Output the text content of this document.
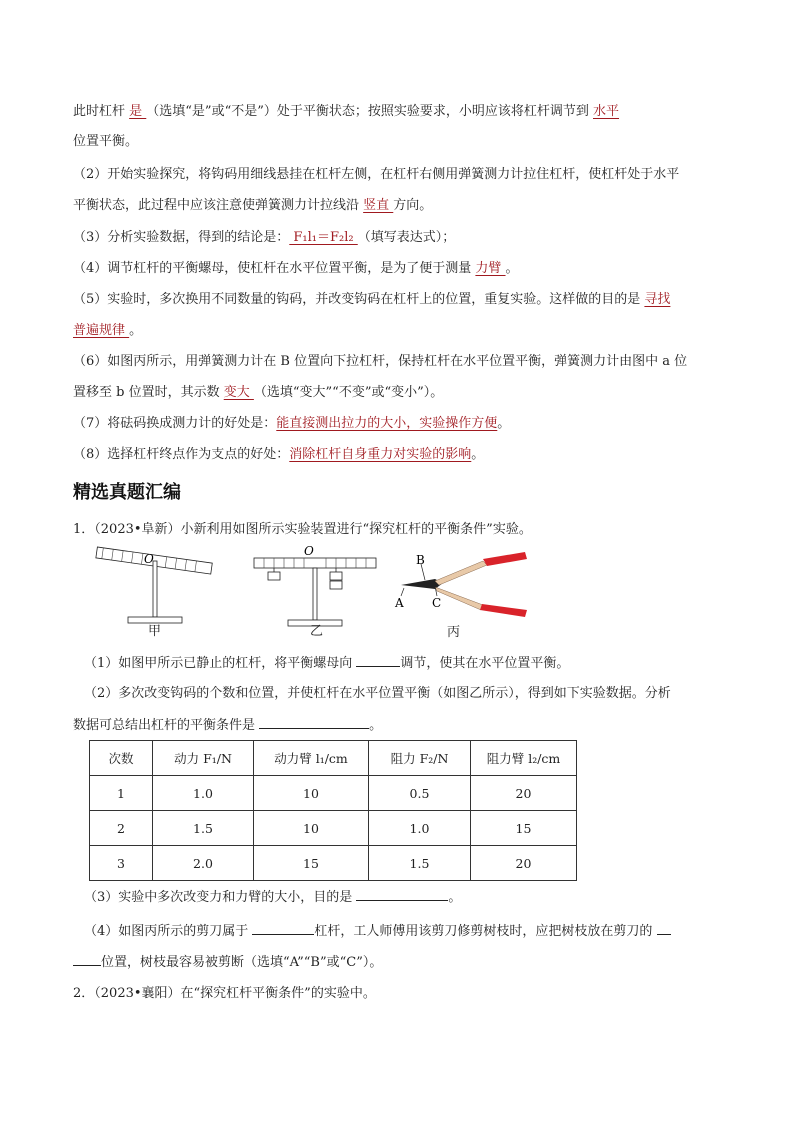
此时杠杆 是 （选填“是”或“不是”）处于平衡状态；按照实验要求，小明应该将杠杆调节到 水平
位置平衡。
（2）开始实验探究，将钩码用细线悬挂在杠杆左侧，在杠杆右侧用弹簧测力计拉住杠杆，使杠杆处于水平
平衡状态，此过程中应该注意使弹簧测力计拉线沿 竖直 方向。
（3）分析实验数据，得到的结论是： F₁l₁＝F₂l₂ （填写表达式）；
（4）调节杠杆的平衡螺母，使杠杆在水平位置平衡，是为了便于测量 力臂 。
（5）实验时，多次换用不同数量的钩码，并改变钩码在杠杆上的位置，重复实验。这样做的目的是 寻找
普遍规律 。
（6）如图丙所示，用弹簧测力计在 B 位置向下拉杠杆，保持杠杆在水平位置平衡，弹簧测力计由图中 a 位
置移至 b 位置时，其示数 变大 （选填“变大”“不变”或“变小”）。
（7）将砝码换成测力计的好处是：能直接测出拉力的大小，实验操作方便。
（8）选择杠杆终点作为支点的好处：消除杠杆自身重力对实验的影响。
精选真题汇编
1．（2023•阜新）小新利用如图所示实验装置进行“探究杠杆的平衡条件”实验。
O
甲
O
乙
B
A C
丙
（1）如图甲所示已静止的杠杆，将平衡螺母向	调节，使其在水平位置平衡。
（2）多次改变钩码的个数和位置，并使杠杆在水平位置平衡（如图乙所示），得到如下实验数据。分析
数据可总结出杠杆的平衡条件是	。
次数	动力 F₁/N	动力臂 l₁/cm	阻力 F₂/N	阻力臂 l₂/cm
1	1.0	10	0.5	20
2	1.5	10	1.0	15
3	2.0	15	1.5	20
（3）实验中多次改变力和力臂的大小，目的是	。
（4）如图丙所示的剪刀属于	杠杆，工人师傅用该剪刀修剪树枝时，应把树枝放在剪刀的
位置，树枝最容易被剪断（选填“A”“B”或“C”）。
2．（2023•襄阳）在“探究杠杆平衡条件”的实验中。
